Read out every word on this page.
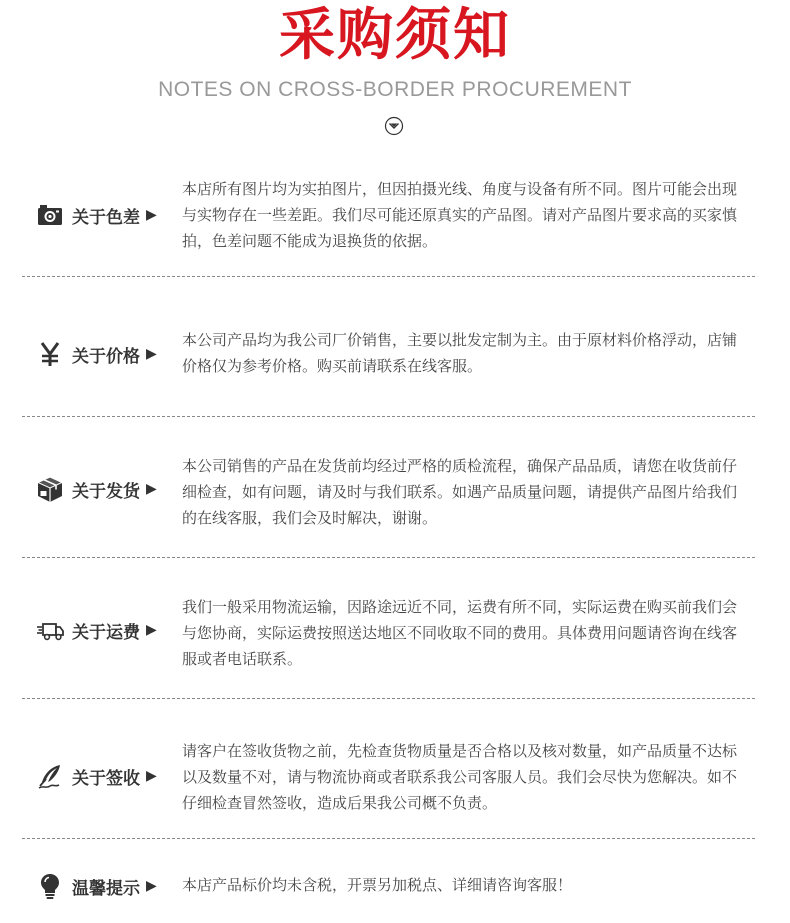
采购须知
NOTES ON CROSS-BORDER PROCUREMENT
关于色差 ▶
本店所有图片均为实拍图片，但因拍摄光线、角度与设备有所不同。图片可能会出现与实物存在一些差距。我们尽可能还原真实的产品图。请对产品图片要求高的买家慎拍，色差问题不能成为退换货的依据。
关于价格 ▶
本公司产品均为我公司厂价销售，主要以批发定制为主。由于原材料价格浮动，店铺价格仅为参考价格。购买前请联系在线客服。
关于发货 ▶
本公司销售的产品在发货前均经过严格的质检流程，确保产品品质，请您在收货前仔细检查，如有问题，请及时与我们联系。如遇产品质量问题，请提供产品图片给我们的在线客服，我们会及时解决，谢谢。
关于运费 ▶
我们一般采用物流运输，因路途远近不同，运费有所不同，实际运费在购买前我们会与您协商，实际运费按照送达地区不同收取不同的费用。具体费用问题请咨询在线客服或者电话联系。
关于签收 ▶
请客户在签收货物之前，先检查货物质量是否合格以及核对数量，如产品质量不达标以及数量不对，请与物流协商或者联系我公司客服人员。我们会尽快为您解决。如不仔细检查冒然签收，造成后果我公司概不负责。
温馨提示 ▶ 本店产品标价均未含税，开票另加税点、详细请咨询客服！
